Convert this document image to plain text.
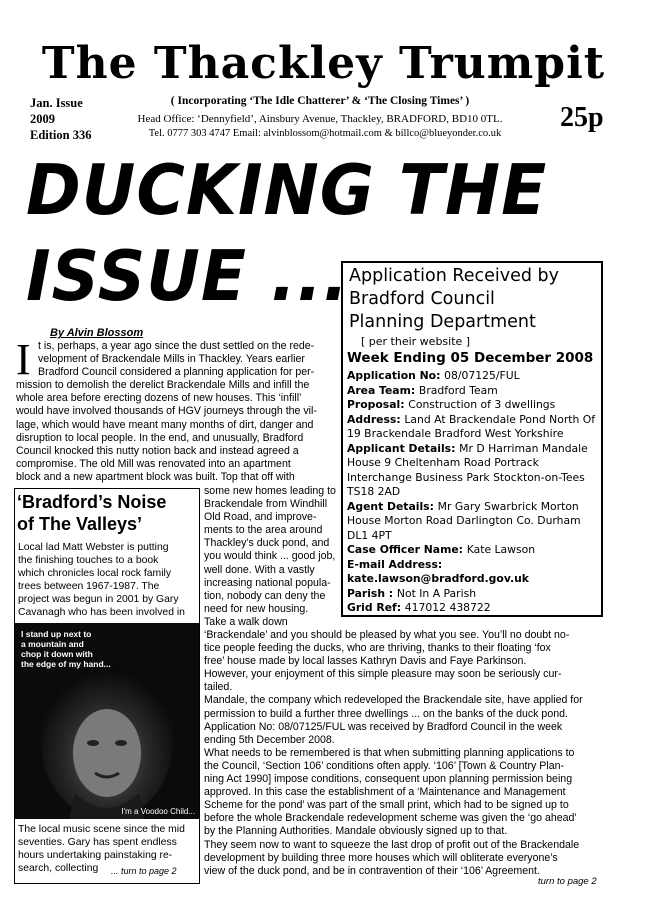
The Thackley Trumpit
Jan. Issue
2009
Edition 336
( Incorporating ‘The Idle Chatterer’ & ‘The Closing Times’ )
Head Office: ‘Dennyfield’, Ainsbury Avenue, Thackley, BRADFORD, BD10 0TL.
Tel. 0777 303 4747 Email: alvinblossom@hotmail.com & billco@blueyonder.co.uk
25p
DUCKING THE
ISSUE ...
By Alvin Blossom
Application Received by
Bradford Council
Planning Department
[ per their website ]
Week Ending 05 December 2008
Application No: 08/07125/FUL
Area Team: Bradford Team
Proposal: Construction of 3 dwellings
Address: Land At Brackendale Pond North Of 19 Brackendale Bradford West Yorkshire
Applicant Details: Mr D Harriman Mandale House 9 Cheltenham Road Portrack Interchange Business Park Stockton-on-Tees TS18 2AD
Agent Details: Mr Gary Swarbrick Morton House Morton Road Darlington Co. Durham DL1 4PT
Case Officer Name: Kate Lawson
E-mail Address: kate.lawson@bradford.gov.uk
Parish : Not In A Parish
Grid Ref: 417012 438722
I t is, perhaps, a year ago since the dust settled on the rede-
velopment of Brackendale Mills in Thackley. Years earlier
Bradford Council considered a planning application for per-
mission to demolish the derelict Brackendale Mills and infill the
whole area before erecting dozens of new houses. This ‘infill’
would have involved thousands of HGV journeys through the vil-
lage, which would have meant many months of dirt, danger and
disruption to local people. In the end, and unusually, Bradford
Council knocked this nutty notion back and instead agreed a
compromise. The old Mill was renovated into an apartment
block and a new apartment block was built. Top that off with
some new homes leading to
Brackendale from Windhill
Old Road, and improve-
ments to the area around
Thackley’s duck pond, and
you would think ... good job,
well done. With a vastly
increasing national popula-
tion, nobody can deny the
need for new housing.
Take a walk down
‘Brackendale’ and you should be pleased by what you see. You’ll no doubt no-
tice people feeding the ducks, who are thriving, thanks to their floating ‘fox
free’ house made by local lasses Kathryn Davis and Faye Parkinson.
However, your enjoyment of this simple pleasure may soon be seriously cur-
tailed.
Mandale, the company which redeveloped the Brackendale site, have applied for
permission to build a further three dwellings ... on the banks of the duck pond.
Application No: 08/07125/FUL was received by Bradford Council in the week
ending 5th December 2008.
What needs to be remembered is that when submitting planning applications to
the Council, ‘Section 106’ conditions often apply. ‘106’ [Town & Country Plan-
ning Act 1990] impose conditions, consequent upon planning permission being
approved. In this case the establishment of a ‘Maintenance and Management
Scheme for the pond’ was part of the small print, which had to be signed up to
before the whole Brackendale redevelopment scheme was given the ‘go ahead’
by the Planning Authorities. Mandale obviously signed up to that.
They seem now to want to squeeze the last drop of profit out of the Brackendale
development by building three more houses which will obliterate everyone’s
view of the duck pond, and be in contravention of their ‘106’ Agreement.
turn to page 2
‘Bradford’s Noise
of The Valleys’
Local lad Matt Webster is putting
the finishing touches to a book
which chronicles local rock family
trees between 1967-1987. The
project was begun in 2001 by Gary
Cavanagh who has been involved in
I stand up next to
a mountain and
chop it down with
the edge of my hand...
I'm a Voodoo Child...
The local music scene since the mid
seventies. Gary has spent endless
hours undertaking painstaking re-
search, collecting	... turn to page 2
